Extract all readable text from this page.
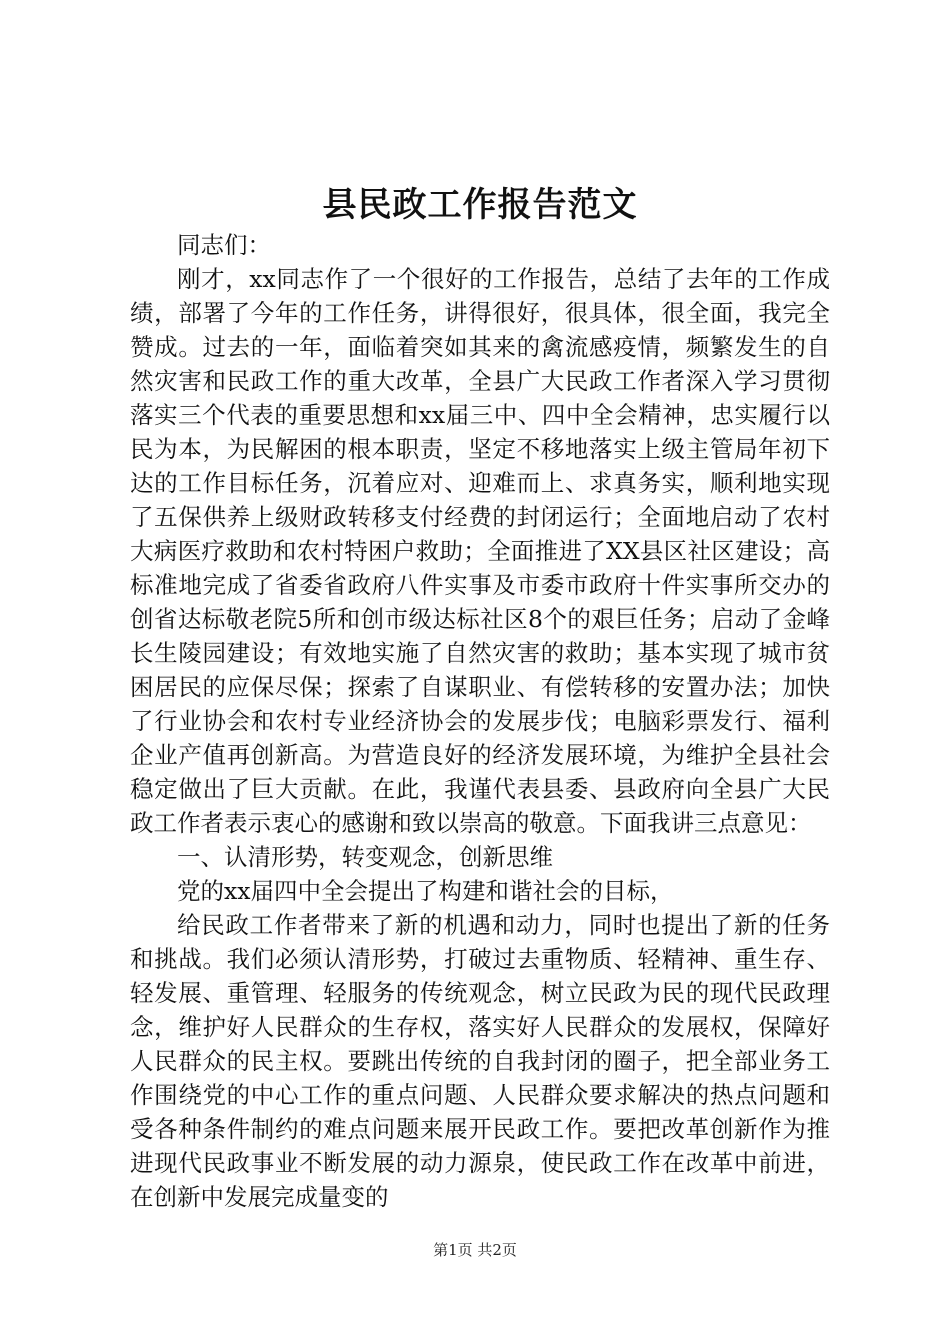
县民政工作报告范文

同志们：

刚才，xx同志作了一个很好的工作报告，总结了去年的工作成绩，部署了今年的工作任务，讲得很好，很具体，很全面，我完全赞成。过去的一年，面临着突如其来的禽流感疫情，频繁发生的自然灾害和民政工作的重大改革，全县广大民政工作者深入学习贯彻落实三个代表的重要思想和xx届三中、四中全会精神，忠实履行以民为本，为民解困的根本职责，坚定不移地落实上级主管局年初下达的工作目标任务，沉着应对、迎难而上、求真务实，顺利地实现了五保供养上级财政转移支付经费的封闭运行；全面地启动了农村大病医疗救助和农村特困户救助；全面推进了XX县区社区建设；高标准地完成了省委省政府八件实事及市委市政府十件实事所交办的创省达标敬老院5所和创市级达标社区8个的艰巨任务；启动了金峰长生陵园建设；有效地实施了自然灾害的救助；基本实现了城市贫困居民的应保尽保；探索了自谋职业、有偿转移的安置办法；加快了行业协会和农村专业经济协会的发展步伐；电脑彩票发行、福利企业产值再创新高。为营造良好的经济发展环境，为维护全县社会稳定做出了巨大贡献。在此，我谨代表县委、县政府向全县广大民政工作者表示衷心的感谢和致以崇高的敬意。下面我讲三点意见：

一、认清形势，转变观念，创新思维

党的xx届四中全会提出了构建和谐社会的目标，

给民政工作者带来了新的机遇和动力，同时也提出了新的任务和挑战。我们必须认清形势，打破过去重物质、轻精神、重生存、轻发展、重管理、轻服务的传统观念，树立民政为民的现代民政理念，维护好人民群众的生存权，落实好人民群众的发展权，保障好人民群众的民主权。要跳出传统的自我封闭的圈子，把全部业务工作围绕党的中心工作的重点问题、人民群众要求解决的热点问题和受各种条件制约的难点问题来展开民政工作。要把改革创新作为推进现代民政事业不断发展的动力源泉，使民政工作在改革中前进，在创新中发展完成量变的

第1页 共2页
